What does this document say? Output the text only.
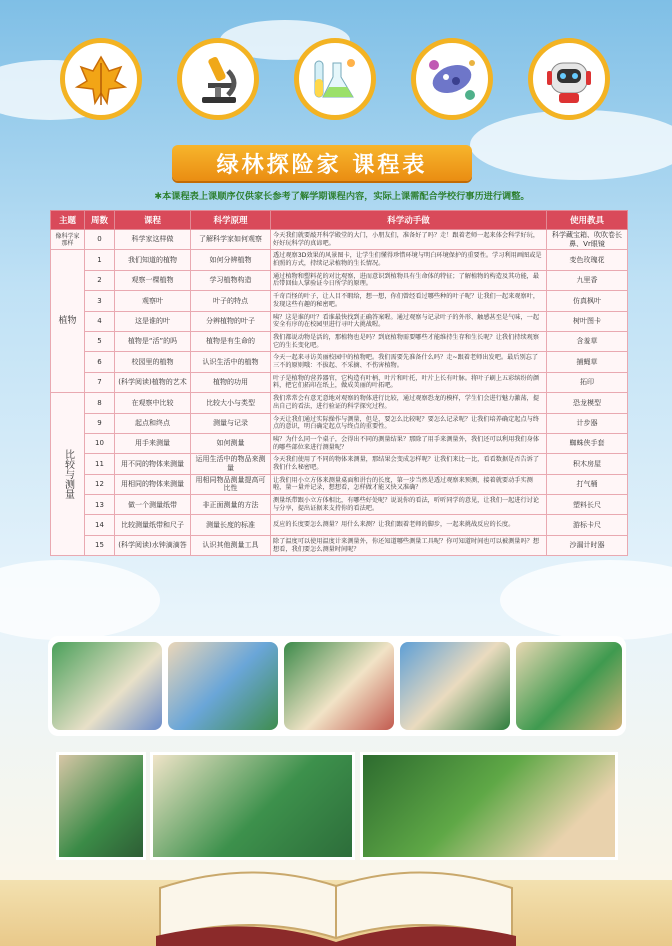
绿林探险家 课程表
✱本课程表上课顺序仅供家长参考了解学期课程内容，实际上课需配合学校行事历进行调整。
主题	周数	课程	科学原理	科学动手做	使用教具
像科学家那样	0	科学家这样做	了解科学家如何观察	今天我们就要敲开科学殿堂的大门，小朋友们，准备好了吗？走！跟着老师一起来体会科学好玩，好好玩科学的真谛吧。	科学藏宝箱、吹吹卷长鼻、Vr眼镜
植物	1	我们知道的植物	如何分辨植物	透过观察3D效果的风景图卡，让学生们懂得珍惜环境与明白环境保护的重要性。学习利用画图或是拍照的方式，持续记录植物的生长情况。	变色玫瑰花
	2	观察一棵植物	学习植物构造	通过植物和塑料花的对比观察，进而意识到植物具有生命体的特征；了解植物的构造及其功能，最后带回仙人掌验证今日所学的原理。	九里香
	3	观察叶	叶子的特点	千奇百怪的叶子，让人目不暇给，想一想，你们曾经看过哪些种的叶子呢？让我们一起来观察叶，发现这些有趣的秘密吧。	仿真枫叶
	4	这是谁的叶	分辨植物的叶子	咦？这是谁的叶？看谁最快找到正确答案喔。通过观察与记录叶子的外形、触感甚至是气味，一起安全有序的在校园里进行寻叶大挑战喔。	树叶图卡
	5	植物是“活”的吗	植物是有生命的	我们都说动物是活的，那植物也是吗？到底植物需要哪些才能维持生存和生长呢？让我们持续观察它的生长变化吧。	含羞草
	6	校园里的植物	认识生活中的植物	今天一起来寻访美丽校园中的植物吧。我们需要先准备什么吗？走~跟着老师出发吧。最后别忘了三不的原则哦：不拔起、不采摘、不伤害植物。	捕蝇草
	7	(科学阅读)植物的艺术	植物的功用	叶子是植物的营养器官，它构造有叶柄、叶片和叶托，叶片上长有叶脉。将叶子刷上五彩缤纷的颜料，把它们拓印在纸上，做成美丽的叶拓吧。	拓印
比较与测量	8	在观察中比较	比较大小与类型	我们常常会有意无意地对观察的物体进行比较，通过观察恐龙的模样，学生们会进行魅力激荡，提出自己的看法，进行验证的科学探究过程。	恐龙模型
	9	起点和终点	测量与记录	今天让我们通过实际操作与测量，但是，要怎么比较呢？要怎么记录呢？让我们培养确定起点与终点的意识，明白确定起点与终点的重要性。	计步器
	10	用手来测量	如何测量	咦？为什么同一个桌子，会得出不同的测量结果？那除了用手来测量外，我们还可以利用我们身体的哪些部位来进行测量呢？	蜘蛛侠手套
	11	用不同的物体来测量	运用生活中的物品来测量	今天我们使用了不同的物体来测量，那结果会变成怎样呢？让我们来比一比，看看数据是否告诉了我们什么秘密吧。	积木房屋
	12	用相同的物体来测量	用相同物品测量提高可比性	让我们用小立方体来测量桌面和讲台的长度，第一步当然是透过观察来预测，接着就要动手实测啦，量一量并记录，想想看，怎样做才能又快又准确？	打气桶
	13	做一个测量纸带	非正面测量的方法	测量纸带跟小立方体相比，有哪些好处呢？说说你的看法，听听同学的意见，让我们一起进行讨论与分享，提出证据来支持你的看法吧。	塑料长尺
	14	比较测量纸带和尺子	测量长度的标准	反应的长度要怎么测量？用什么来测？让我们跟着老师的脚步，一起来挑战反应的长度。	游标卡尺
	15	(科学阅读)水钟滴滴答	认识其他测量工具	除了温度可以使用温度计来测量外，你还知道哪些测量工具呢？你可知道时间也可以被测量吗？想想看，我们要怎么测量时间呢？	沙漏计时器
